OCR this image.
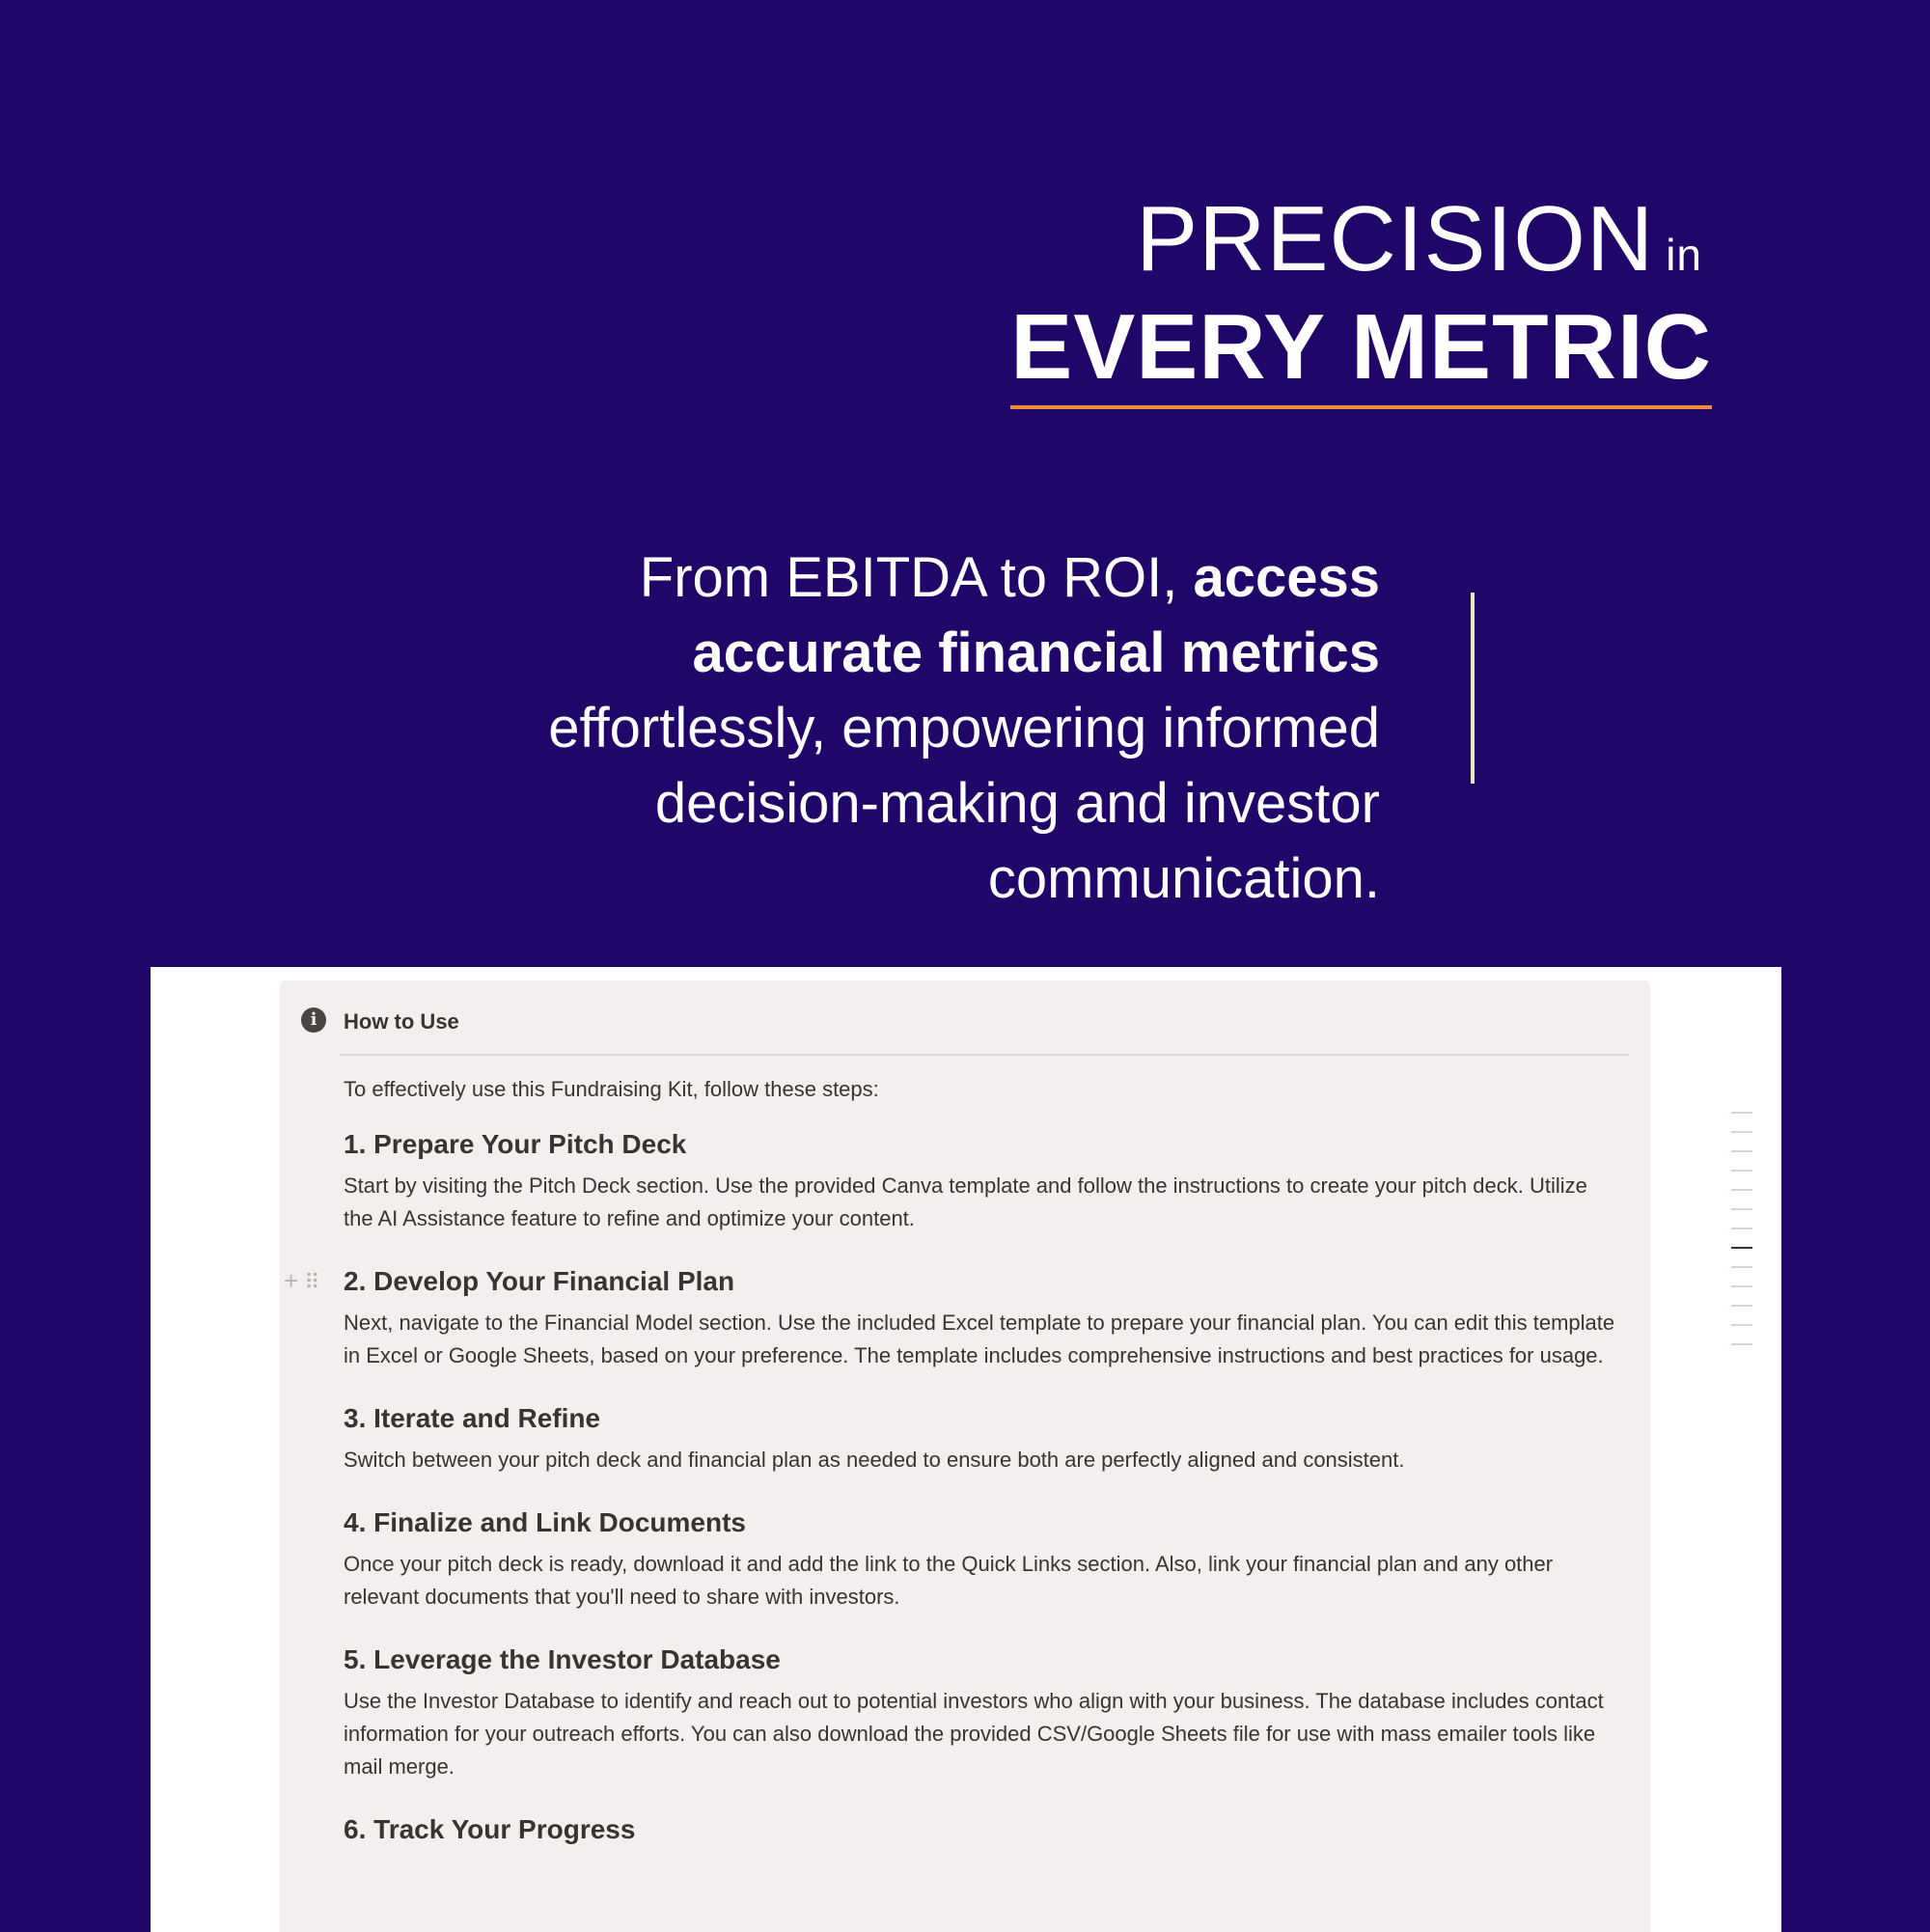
PRECISION in
EVERY METRIC
From EBITDA to ROI, access accurate financial metrics effortlessly, empowering informed decision-making and investor communication.
i	How to Use

To effectively use this Fundraising Kit, follow these steps:

1. Prepare Your Pitch Deck

Start by visiting the Pitch Deck section. Use the provided Canva template and follow the instructions to create your pitch deck. Utilize the AI Assistance feature to refine and optimize your content.

+ ⠿ 2. Develop Your Financial Plan

Next, navigate to the Financial Model section. Use the included Excel template to prepare your financial plan. You can edit this template in Excel or Google Sheets, based on your preference. The template includes comprehensive instructions and best practices for usage.

3. Iterate and Refine

Switch between your pitch deck and financial plan as needed to ensure both are perfectly aligned and consistent.

4. Finalize and Link Documents

Once your pitch deck is ready, download it and add the link to the Quick Links section. Also, link your financial plan and any other relevant documents that you'll need to share with investors.

5. Leverage the Investor Database

Use the Investor Database to identify and reach out to potential investors who align with your business. The database includes contact information for your outreach efforts. You can also download the provided CSV/Google Sheets file for use with mass emailer tools like mail merge.

6. Track Your Progress
